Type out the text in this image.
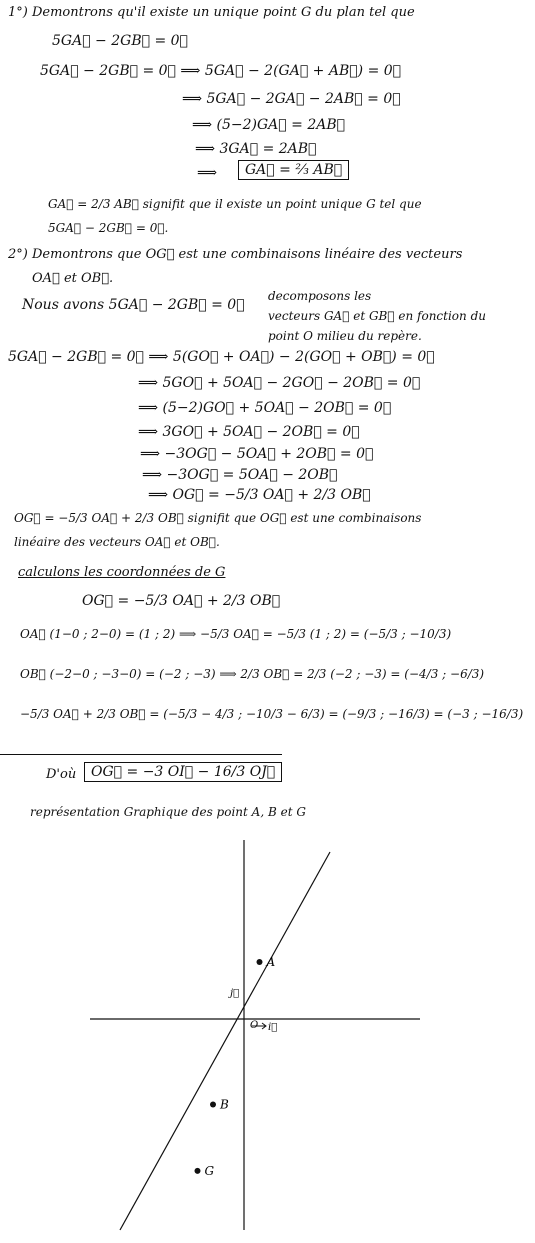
1°) Demontrons qu'il existe un unique point G du plan tel que
5GA⃗ − 2GB⃗ = 0⃗
5GA⃗ − 2GB⃗ = 0⃗ ⟹ 5GA⃗ − 2(GA⃗ + AB⃗) = 0⃗
⟹ 5GA⃗ − 2GA⃗ − 2AB⃗ = 0⃗
⟹ (5−2)GA⃗ = 2AB⃗
⟹ 3GA⃗ = 2AB⃗
⟹	GA⃗ = ⅔ AB⃗
GA⃗ = 2/3 AB⃗ signifit que il existe un point unique G tel que
5GA⃗ − 2GB⃗ = 0⃗.
2°) Demontrons que OG⃗ est une combinaisons linéaire des vecteurs
OA⃗ et OB⃗.
Nous avons 5GA⃗ − 2GB⃗ = 0⃗
decomposons les
vecteurs GA⃗ et GB⃗ en fonction du
point O milieu du repère.
5GA⃗ − 2GB⃗ = 0⃗ ⟹ 5(GO⃗ + OA⃗) − 2(GO⃗ + OB⃗) = 0⃗
⟹ 5GO⃗ + 5OA⃗ − 2GO⃗ − 2OB⃗ = 0⃗
⟹ (5−2)GO⃗ + 5OA⃗ − 2OB⃗ = 0⃗
⟹ 3GO⃗ + 5OA⃗ − 2OB⃗ = 0⃗
⟹ −3OG⃗ − 5OA⃗ + 2OB⃗ = 0⃗
⟹ −3OG⃗ = 5OA⃗ − 2OB⃗
⟹ OG⃗ = −5/3 OA⃗ + 2/3 OB⃗
OG⃗ = −5/3 OA⃗ + 2/3 OB⃗ signifit que OG⃗ est une combinaisons
linéaire des vecteurs OA⃗ et OB⃗.
calculons les coordonnées de G
OG⃗ = −5/3 OA⃗ + 2/3 OB⃗
OA⃗ (1−0 ; 2−0) = (1 ; 2) ⟹ −5/3 OA⃗ = −5/3 (1 ; 2) = (−5/3 ; −10/3)
OB⃗ (−2−0 ; −3−0) = (−2 ; −3) ⟹ 2/3 OB⃗ = 2/3 (−2 ; −3) = (−4/3 ; −6/3)
−5/3 OA⃗ + 2/3 OB⃗ = (−5/3 − 4/3 ; −10/3 − 6/3) = (−9/3 ; −16/3) = (−3 ; −16/3)
D'où	OG⃗ = −3 OI⃗ − 16/3 OJ⃗
représentation Graphique des point A, B et G
O i⃗
j⃗
A
B
G
